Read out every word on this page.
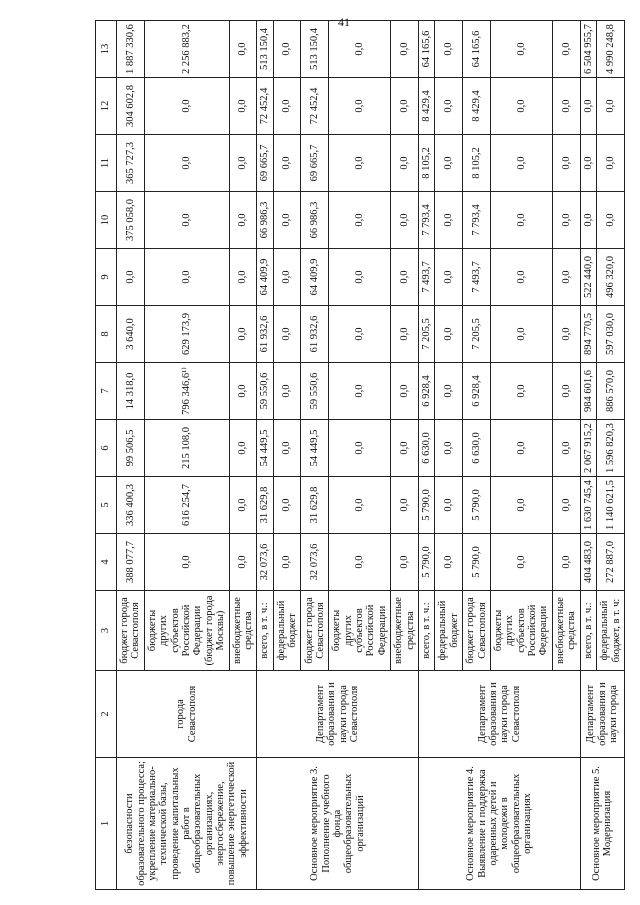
41
1	2	3	4	5	6	7	8	9	10	11	12	13
безопасности образовательного процесса; укрепление материально-технической базы, проведение капитальных работ в общеобразовательных организациях, энергосбережение, повышение энергетической эффективности	города Севастополя	бюджет города Севастополя	388 077,7	336 400,3	99 506,5	14 318,0	3 640,0	0,0	375 058,0	365 727,3	304 602,8	1 887 330,6
		бюджеты других субъектов Российской Федерации (бюджет города Москвы)	0,0	616 254,7	215 108,0	796 346,6¹⁾	629 173,9	0,0	0,0	0,0	0,0	2 256 883,2
		внебюджетные средства	0,0	0,0	0,0	0,0	0,0	0,0	0,0	0,0	0,0	0,0
Основное мероприятие 3. Пополнение учебного фонда общеобразовательных организаций	Департамент образования и науки города Севастополя	всего, в т. ч.:	32 073,6	31 629,8	54 449,5	59 550,6	61 932,6	64 409,9	66 986,3	69 665,7	72 452,4	513 150,4
		федеральный бюджет	0,0	0,0	0,0	0,0	0,0	0,0	0,0	0,0	0,0	0,0
		бюджет города Севастополя	32 073,6	31 629,8	54 449,5	59 550,6	61 932,6	64 409,9	66 986,3	69 665,7	72 452,4	513 150,4
		бюджеты других субъектов Российской Федерации	0,0	0,0	0,0	0,0	0,0	0,0	0,0	0,0	0,0	0,0
		внебюджетные средства	0,0	0,0	0,0	0,0	0,0	0,0	0,0	0,0	0,0	0,0
Основное мероприятие 4. Выявление и поддержка одаренных детей и молодежи в общеобразовательных организациях	Департамент образования и науки города Севастополя	всего, в т. ч.:	5 790,0	5 790,0	6 630,0	6 928,4	7 205,5	7 493,7	7 793,4	8 105,2	8 429,4	64 165,6
		федеральный бюджет	0,0	0,0	0,0	0,0	0,0	0,0	0,0	0,0	0,0	0,0
		бюджет города Севастополя	5 790,0	5 790,0	6 630,0	6 928,4	7 205,5	7 493,7	7 793,4	8 105,2	8 429,4	64 165,6
		бюджеты других субъектов Российской Федерации	0,0	0,0	0,0	0,0	0,0	0,0	0,0	0,0	0,0	0,0
		внебюджетные средства	0,0	0,0	0,0	0,0	0,0	0,0	0,0	0,0	0,0	0,0
Основное мероприятие 5. Модернизация	Департамент образования и науки города	всего, в т. ч.:	404 483,0	1 630 745,4	2 067 915,2	984 601,6	894 770,5	522 440,0	0,0	0,0	0,0	6 504 955,7
		федеральный бюджет, в т. ч:	272 887,0	1 140 621,5	1 596 820,3	886 570,0	597 030,0	496 320,0	0,0	0,0	0,0	4 990 248,8
